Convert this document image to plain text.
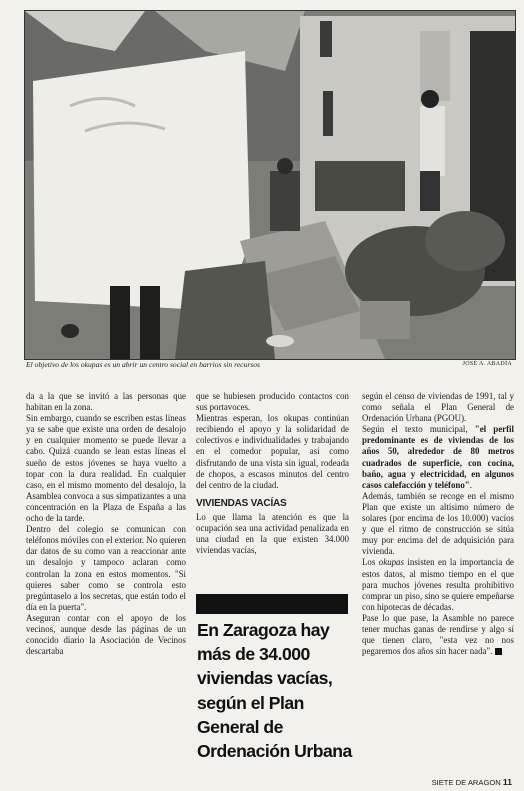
El objetivo de los okupas es un abrir un centro social en barrios sin recursos	JOSÉ A. ABADÍA

da a la que se invitó a las personas que habitan en la zona.

Sin embargo, cuando se escriben estas líneas ya se sabe que existe una orden de desalojo y en cualquier momento se puede llevar a cabo. Quizá cuando se lean estas líneas el sueño de estos jóvenes se haya vuelto a topar con la dura realidad. En cualquier caso, en el mismo momento del desalojo, la Asamblea convoca a sus simpatizantes a una concentración en la Plaza de España a las ocho de la tarde.

Dentro del colegio se comunican con teléfonos móviles con el exterior. No quieren dar datos de su como van a reaccionar ante un desalojo y tampoco aclaran como controlan la zona en estos momentos. "Si quieres saber como se controla esto pregúntaselo a los secretas, que están todo el día en la puerta".

Aseguran contar con el apoyo de los vecinos, aunque desde las páginas de un conocido diario la Asociación de Vecinos descartaba

que se hubiesen producido contactos con sus portavoces.

Mientras esperan, los okupas continúan recibiendo el apoyo y la solidaridad de colectivos e individualidades y trabajando en el comedor popular, así como disfrutando de una vista sin igual, rodeada de chopos, a escasos minutos del centro del centro de la ciudad.

VIVIENDAS VACÍAS

Lo que llama la atención es que la ocupación sea una actividad penalizada en una ciudad en la que existen 34.000 viviendas vacías,

En Zaragoza hay más de 34.000 viviendas vacías, según el Plan General de Ordenación Urbana

según el censo de viviendas de 1991, tal y como señala el Plan General de Ordenación Urbana (PGOU).

Según el texto municipal, "el perfil predominante es de viviendas de los años 50, alrededor de 80 metros cuadrados de superficie, con cocina, baño, agua y electricidad, en algunos casos calefacción y teléfono".

Además, también se recoge en el mismo Plan que existe un altísimo número de solares (por encima de los 10.000) vacíos y que el ritmo de construcción se sitúa muy por encima del de adquisición para vivienda.

Los okupas insisten en la importancia de estos datos, al mismo tiempo en el que para muchos jóvenes resulta prohibitivo comprar un piso, sino se quiere empeñarse con hipotecas de décadas.

Pase lo que pase, la Asamble no parece tener muchas ganas de rendirse y algo sí que tienen claro, "esta vez no nos pegaremos dos años sin hacer nada".

SIETE DE ARAGON 11
